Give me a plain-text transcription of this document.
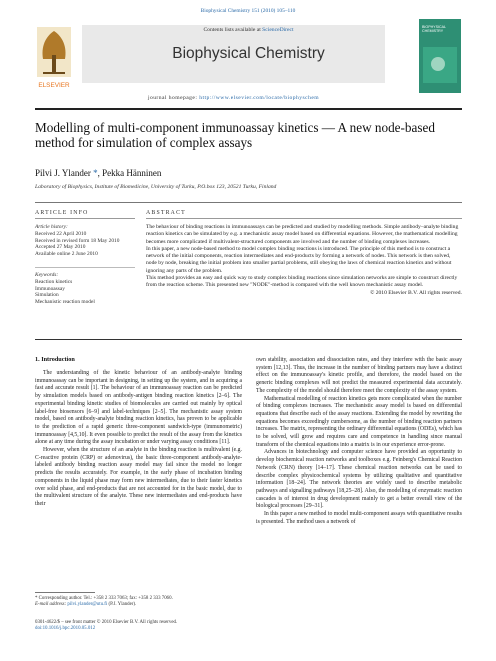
Biophysical Chemistry 151 (2010) 105–110
ELSEVIER
Contents lists available at ScienceDirect
Biophysical Chemistry
journal homepage: http://www.elsevier.com/locate/biophyschem
BIOPHYSICAL CHEMISTRY
Modelling of multi-component immunoassay kinetics — A new node-based method for simulation of complex assays
Pilvi J. Ylander *, Pekka Hänninen
Laboratory of Biophysics, Institute of Biomedicine, University of Turku, P.O.box 123, 20521 Turku, Finland
ARTICLE INFO
Article history:
Received 22 April 2010
Received in revised form 18 May 2010
Accepted 27 May 2010
Available online 2 June 2010
Keywords:
Reaction kinetics
Immunoassay
Simulation
Mechanistic reaction model
ABSTRACT

The behaviour of binding reactions in immunoassays can be predicted and studied by modelling methods. Simple antibody–analyte binding reaction kinetics can be simulated by e.g. a mechanistic assay model based on differential equations. However, the mathematical modelling becomes more complicated if multivalent-structured components are involved and the number of binding complexes increases.

In this paper, a new node-based method to model complex binding reactions is introduced. The principle of this method is to construct a network of the initial components, reaction intermediates and end-products by forming a network of nodes. This network is then solved, node by node, breaking the initial problem into smaller partial problems, still obeying the laws of chemical reaction kinetics and without ignoring any parts of the problem.

This method provides an easy and quick way to study complex binding reactions since simulation networks are simple to construct directly from the reaction scheme. This presented new "NODE"-method is compared with the well known mechanistic assay model.

© 2010 Elsevier B.V. All rights reserved.

1. Introduction

The understanding of the kinetic behaviour of an antibody-analyte binding immunoassay can be important in designing, in setting up the system, and in acquiring a fast and accurate result [1]. The behaviour of an immunoassay reaction can be predicted by simulation models based on antibody-antigen binding reaction kinetics [2–6]. The experimental binding kinetic studies of biomolecules are carried out mainly by optical label-free biosensors [6–9] and label-techniques [2–5]. The mechanistic assay system model, based on antibody-analyte binding reaction kinetics, has proven to be applicable to the prediction of a rapid generic three-component sandwich-type (immunometric) immunoassay [4,5,10]. It even possible to predict the result of the assay from the kinetics alone at any time during the assay incubation or under varying assay conditions [11].

However, when the structure of an analyte in the binding reaction is multivalent (e.g. C-reactive protein (CRP) or adenovirus), the basic three-component antibody-analyte-labeled antibody binding reaction assay model may fail since the model no longer predicts the results accurately. For example, in the early phase of incubation binding components in the liquid phase may form new intermediates, due to their faster kinetics over solid phase, and end-products that are not accounted for in the basic model, due to the multivalent structure of the analyte. These new intermediates and end-products have their

own stability, association and dissociation rates, and they interfere with the basic assay system [12,13]. Thus, the increase in the number of binding partners may have a distinct effect on the immunoassay's kinetic profile, and therefore, the model based on the generic binding complexes will not predict the measured experimental data accurately. The complexity of the model should therefore meet the complexity of the assay system.

Mathematical modelling of reaction kinetics gets more complicated when the number of binding complexes increases. The mechanistic assay model is based on differential equations that describe each of the assay reactions. Extending the model by rewriting the equations becomes exceedingly cumbersome, as the number of binding reaction partners increases. The matrix, representing the ordinary differential equations (ODEs), which has to be solved, will grow and requires care and competence in handling since manual transform of the chemical equations into a matrix is in our experience error-prone.

Advances in biotechnology and computer science have provided an opportunity to develop biochemical reaction networks and toolboxes e.g. Feinberg's Chemical Reaction Network (CRN) theory [14–17]. These chemical reaction networks can be used to describe complex physicochemical systems by utilizing qualitative and quantitative information [18–24]. The network theories are widely used to describe metabolic pathways and signalling pathways [18,25–28]. Also, the modelling of enzymatic reaction cascades is of interest in drug development mainly to get a better overall view of the biological processes [29–31].

In this paper a new method to model multi-component assays with quantitative results is presented. The method uses a network of

* Corresponding author. Tel.: +358 2 333 7063; fax: +358 2 333 7060.
E-mail address: pilvi.ylander@utu.fi (P.J. Ylander).
0301-4622/$ – see front matter © 2010 Elsevier B.V. All rights reserved.
doi:10.1016/j.bpc.2010.05.012
